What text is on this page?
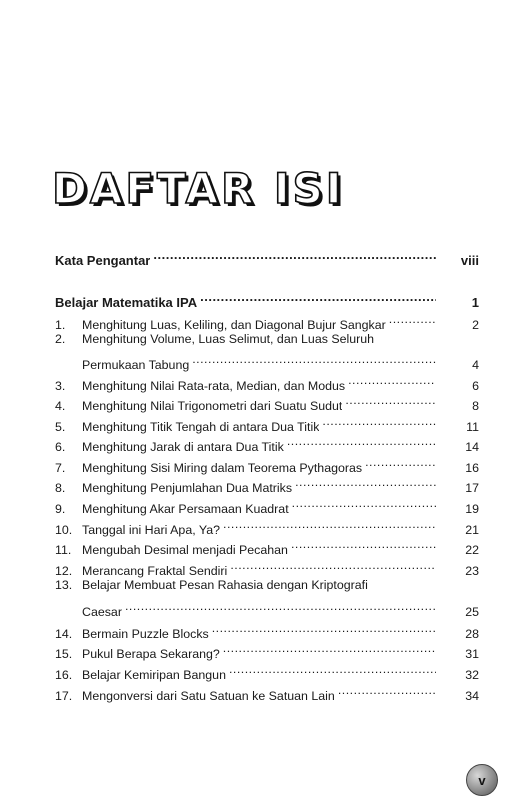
DAFTAR ISI
Kata Pengantar .....	viii
Belajar Matematika IPA .....	1
1.	Menghitung Luas, Keliling, dan Diagonal Bujur Sangkar .....	2
2.	Menghitung Volume, Luas Selimut, dan Luas Seluruh
Permukaan Tabung .....	4
3.	Menghitung Nilai Rata-rata, Median, dan Modus .....	6
4.	Menghitung Nilai Trigonometri dari Suatu Sudut .....	8
5.	Menghitung Titik Tengah di antara Dua Titik .....	11
6.	Menghitung Jarak di antara Dua Titik .....	14
7.	Menghitung Sisi Miring dalam Teorema Pythagoras .....	16
8.	Menghitung Penjumlahan Dua Matriks .....	17
9.	Menghitung Akar Persamaan Kuadrat .....	19
10. Tanggal ini Hari Apa, Ya? .....	21
11. Mengubah Desimal menjadi Pecahan .....	22
12. Merancang Fraktal Sendiri .....	23
13. Belajar Membuat Pesan Rahasia dengan Kriptografi
Caesar .....	25
14. Bermain Puzzle Blocks .....	28
15. Pukul Berapa Sekarang? .....	31
16. Belajar Kemiripan Bangun .....	32
17. Mengonversi dari Satu Satuan ke Satuan Lain .....	34
v
